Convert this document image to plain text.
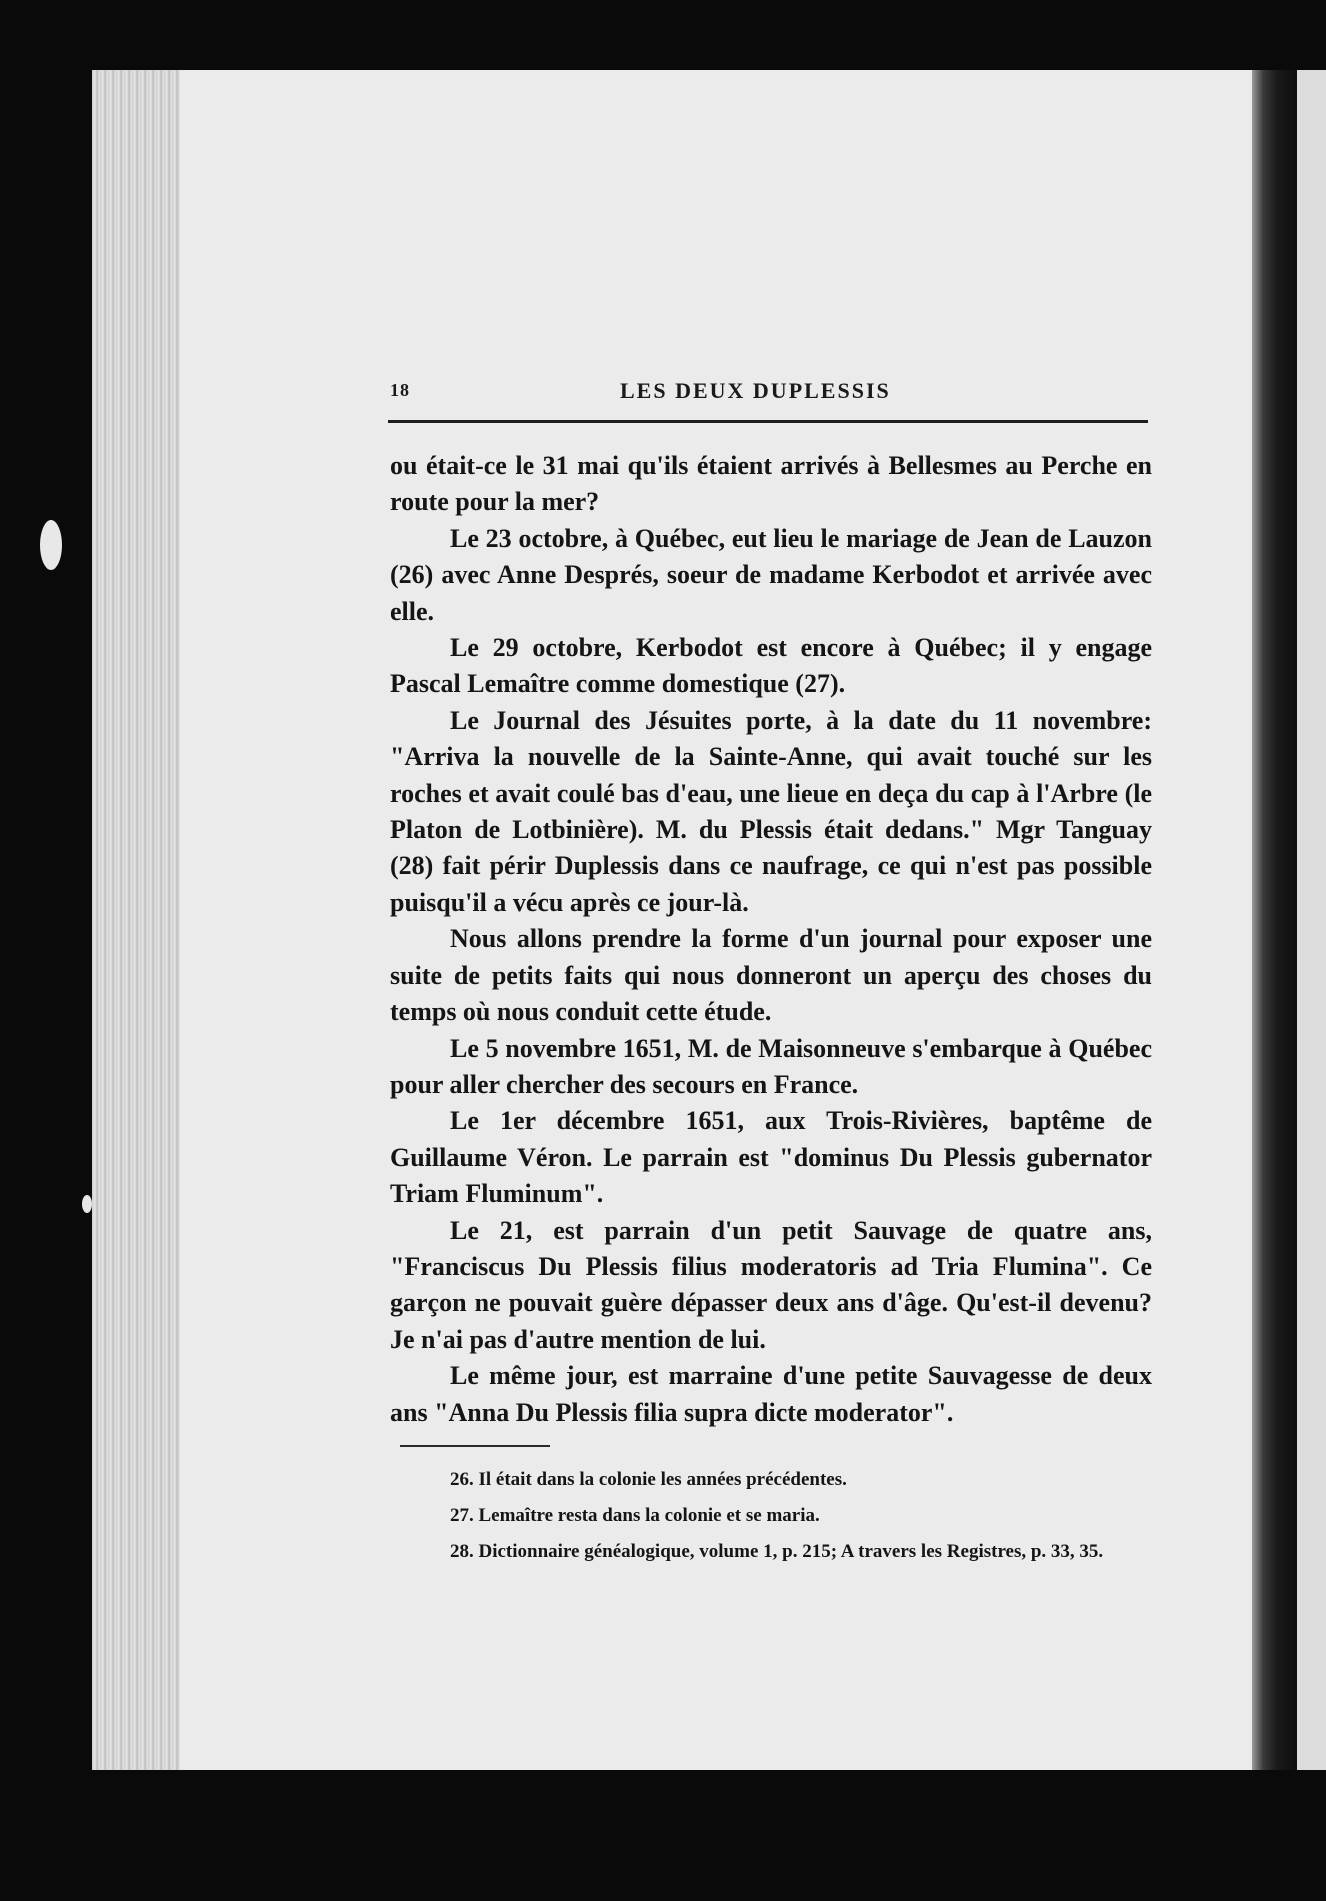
18	LES DEUX DUPLESSIS

ou était-ce le 31 mai qu'ils étaient arrivés à Bellesmes au Perche en route pour la mer?

Le 23 octobre, à Québec, eut lieu le mariage de Jean de Lauzon (26) avec Anne Després, soeur de madame Kerbodot et arrivée avec elle.

Le 29 octobre, Kerbodot est encore à Québec; il y engage Pascal Lemaître comme domestique (27).

Le Journal des Jésuites porte, à la date du 11 novembre: "Arriva la nouvelle de la Sainte-Anne, qui avait touché sur les roches et avait coulé bas d'eau, une lieue en deça du cap à l'Arbre (le Platon de Lotbinière). M. du Plessis était dedans." Mgr Tanguay (28) fait périr Duplessis dans ce naufrage, ce qui n'est pas possible puisqu'il a vécu après ce jour-là.

Nous allons prendre la forme d'un journal pour exposer une suite de petits faits qui nous donneront un aperçu des choses du temps où nous conduit cette étude.

Le 5 novembre 1651, M. de Maisonneuve s'embarque à Québec pour aller chercher des secours en France.

Le 1er décembre 1651, aux Trois-Rivières, baptême de Guillaume Véron. Le parrain est "dominus Du Plessis gubernator Triam Fluminum".

Le 21, est parrain d'un petit Sauvage de quatre ans, "Franciscus Du Plessis filius moderatoris ad Tria Flumina". Ce garçon ne pouvait guère dépasser deux ans d'âge. Qu'est-il devenu? Je n'ai pas d'autre mention de lui.

Le même jour, est marraine d'une petite Sauvagesse de deux ans "Anna Du Plessis filia supra dicte moderator".

26. Il était dans la colonie les années précédentes.

27. Lemaître resta dans la colonie et se maria.

28. Dictionnaire généalogique, volume 1, p. 215; A travers les Registres, p. 33, 35.
